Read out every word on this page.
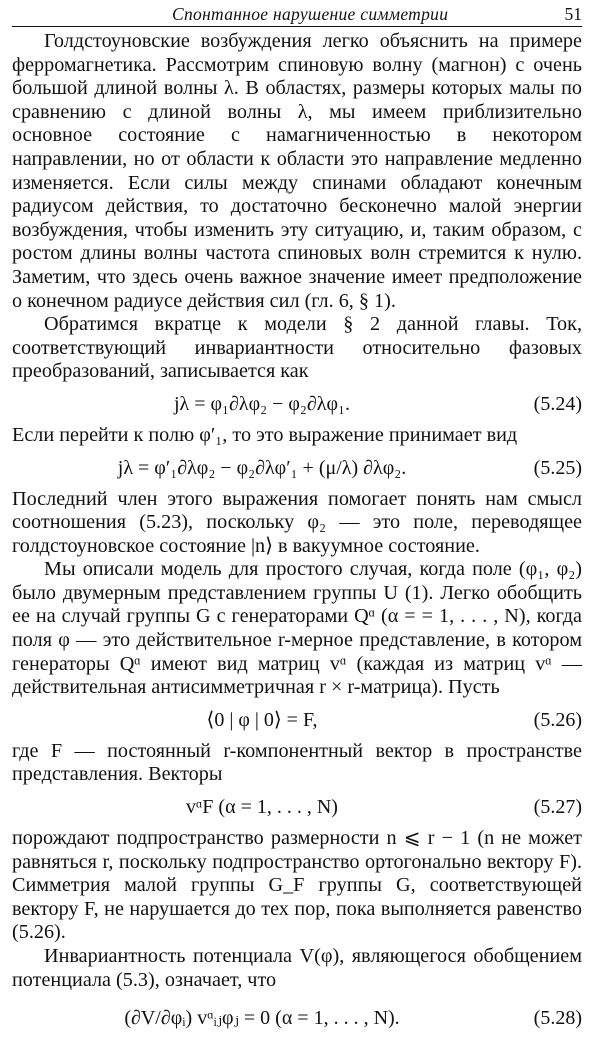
Спонтанное нарушение симметрии	51

Голдстоуновские возбуждения легко объяснить на примере ферромагнетика. Рассмотрим спиновую волну (магнон) с очень большой длиной волны λ. В областях, размеры которых малы по сравнению с длиной волны λ, мы имеем приблизительно основное состояние с намагниченностью в некотором направлении, но от области к области это направление медленно изменяется. Если силы между спинами обладают конечным радиусом действия, то достаточно бесконечно малой энергии возбуждения, чтобы изменить эту ситуацию, и, таким образом, с ростом длины волны частота спиновых волн стремится к нулю. Заметим, что здесь очень важное значение имеет предположение о конечном радиусе действия сил (гл. 6, § 1).

Обратимся вкратце к модели § 2 данной главы. Ток, соответствующий инвариантности относительно фазовых преобразований, записывается как

jλ = φ₁∂λφ₂ − φ₂∂λφ₁.	(5.24)

Если перейти к полю φ′₁, то это выражение принимает вид

jλ = φ′₁∂λφ₂ − φ₂∂λφ′₁ + (μ/λ) ∂λφ₂.	(5.25)

Последний член этого выражения помогает понять нам смысл соотношения (5.23), поскольку φ₂ — это поле, переводящее голдстоуновское состояние |n⟩ в вакуумное состояние.

Мы описали модель для простого случая, когда поле (φ₁, φ₂) было двумерным представлением группы U (1). Легко обобщить ее на случай группы G с генераторами Qᵅ (α = = 1, . . . , N), когда поля φ — это действительное r-мерное представление, в котором генераторы Qᵅ имеют вид матриц vᵅ (каждая из матриц vᵅ — действительная антисимметричная r × r-матрица). Пусть

⟨0 | φ | 0⟩ = F,	(5.26)

где F — постоянный r-компонентный вектор в пространстве представления. Векторы

vᵅF (α = 1, . . . , N)	(5.27)

порождают подпространство размерности n ⩽ r − 1 (n не может равняться r, поскольку подпространство ортогонально вектору F). Симметрия малой группы G_F группы G, соответствующей вектору F, не нарушается до тех пор, пока выполняется равенство (5.26).

Инвариантность потенциала V(φ), являющегося обобщением потенциала (5.3), означает, что

(∂V/∂φᵢ) vᵅᵢⱼφⱼ = 0 (α = 1, . . . , N).	(5.28)
